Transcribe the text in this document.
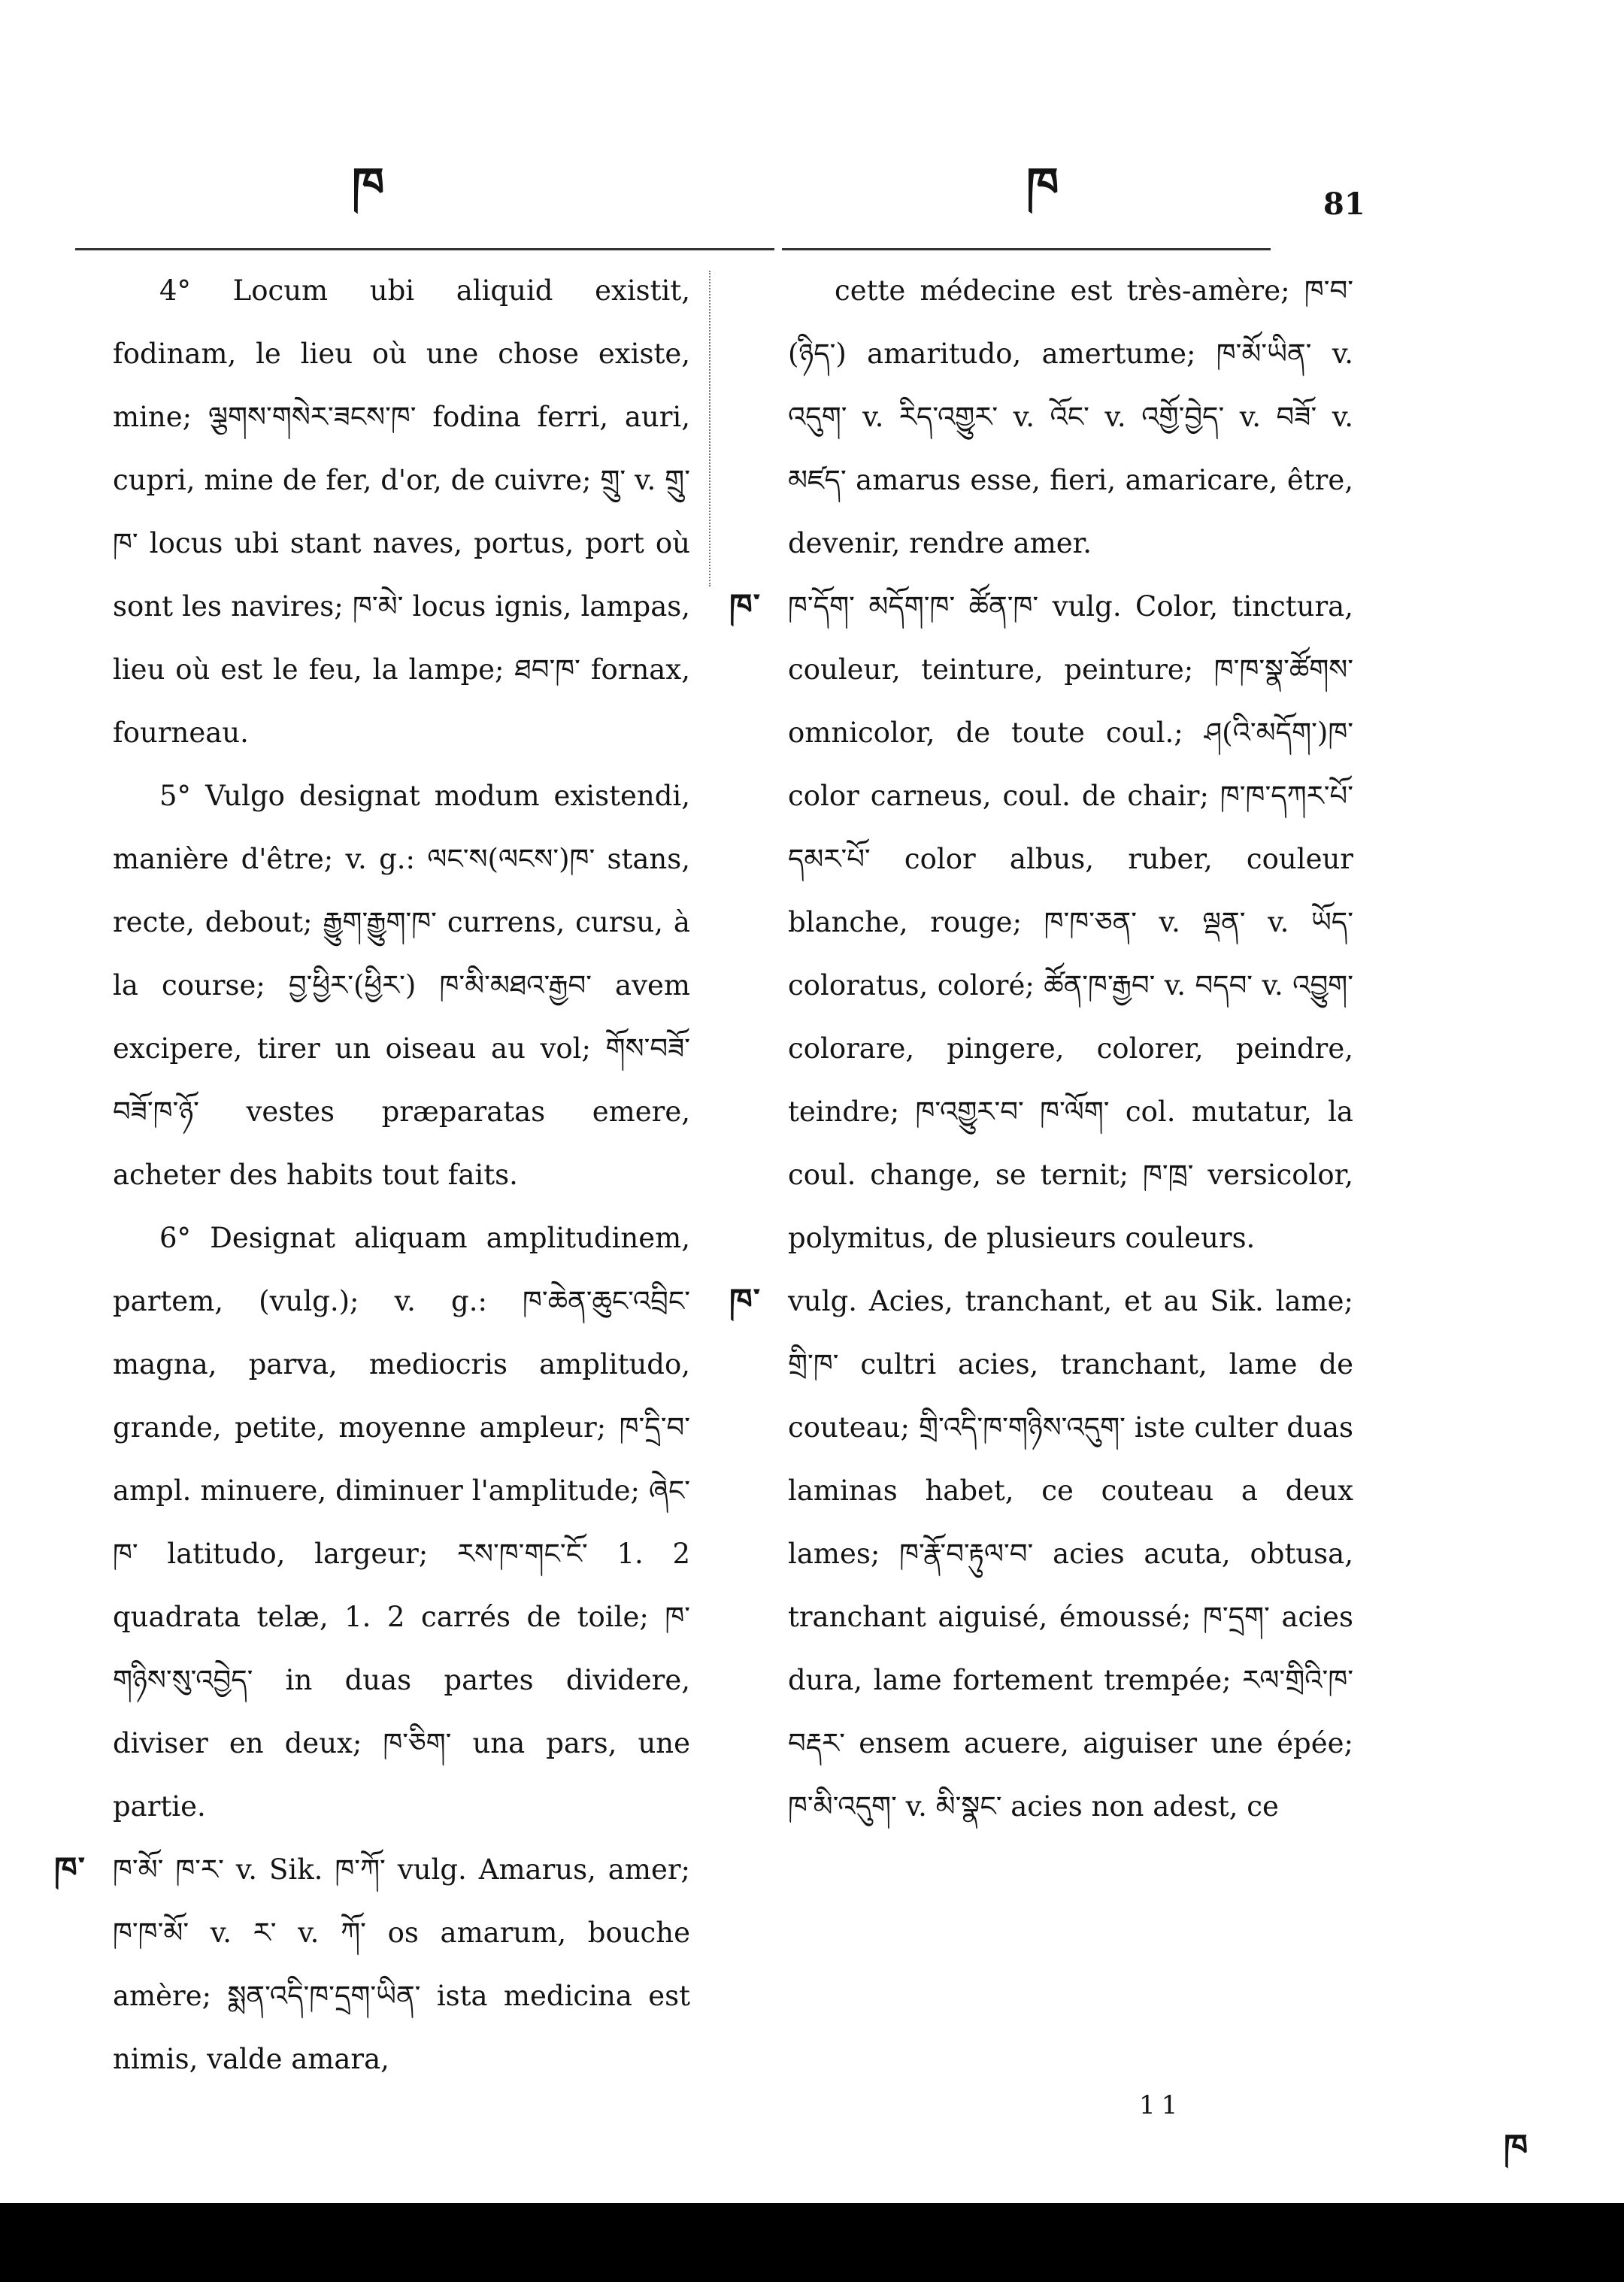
ཁ	ཁ	81
4° Locum ubi aliquid existit, fodinam, le lieu où une chose existe, mine; ལྕགས་གསེར་ཟངས་ཁ་ fodina ferri, auri, cupri, mine de fer, d'or, de cuivre; གྲུ་ v. གྲུ་ཁ་ locus ubi stant naves, portus, port où sont les navires; ཁ་མེ་ locus ignis, lampas, lieu où est le feu, la lampe; ཐབ་ཁ་ fornax, fourneau.
5° Vulgo designat modum existendi, manière d'être; v. g.: ལང་ས(ལངས་)ཁ་ stans, recte, debout; རྒྱུག་རྒྱུག་ཁ་ currens, cursu, à la course; བྱ་ཕྱིར་(ཕྱིར་) ཁ་མི་མཐའ་རྒྱབ་ avem excipere, tirer un oiseau au vol; གོས་བཟོ་བཟོ་ཁ་ཉོ་ vestes præparatas emere, acheter des habits tout faits.
6° Designat aliquam amplitudinem, partem, (vulg.); v. g.: ཁ་ཆེན་ཆུང་འབྲིང་ magna, parva, mediocris amplitudo, grande, petite, moyenne ampleur; ཁ་དྲི་བ་ ampl. minuere, diminuer l'amplitude; ཞེང་ཁ་ latitudo, largeur; རས་ཁ་གང་ངོ་ 1. 2 quadrata telæ, 1. 2 carrés de toile; ཁ་གཉིས་སུ་འབྱེད་ in duas partes dividere, diviser en deux; ཁ་ཅིག་ una pars, une partie.
ཁ་ ཁ་མོ་ ཁ་ར་ v. Sik. ཁ་ཀོ་ vulg. Amarus, amer; ཁ་ཁ་མོ་ v. ར་ v. ཀོ་ os amarum, bouche amère; སྨན་འདི་ཁ་དྲག་ཡིན་ ista medicina est nimis, valde amara,
cette médecine est très-amère; ཁ་བ་(ཉིད་) amaritudo, amertume; ཁ་མོ་ཡིན་ v. འདུག་ v. རིད་འགྱུར་ v. འོང་ v. འགྱོ་བྱེད་ v. བཟོ་ v. མཛད་ amarus esse, fieri, amaricare, être, devenir, rendre amer.
ཁ་ ཁ་དོག་ མདོག་ཁ་ ཚོན་ཁ་ vulg. Color, tinctura, couleur, teinture, peinture; ཁ་ཁ་སྣ་ཚོགས་ omnicolor, de toute coul.; ཤ(འི་མདོག་)ཁ་ color carneus, coul. de chair; ཁ་ཁ་དཀར་པོ་དམར་པོ་ color albus, ruber, couleur blanche, rouge; ཁ་ཁ་ཅན་ v. ལྡན་ v. ཡོད་ coloratus, coloré; ཚོན་ཁ་རྒྱབ་ v. བདབ་ v. འབྱུག་ colorare, pingere, colorer, peindre, teindre; ཁ་འགྱུར་བ་ ཁ་ལོག་ col. mutatur, la coul. change, se ternit; ཁ་ཁྲ་ versicolor, polymitus, de plusieurs couleurs.
ཁ་ vulg. Acies, tranchant, et au Sik. lame; གྲི་ཁ་ cultri acies, tranchant, lame de couteau; གྲི་འདི་ཁ་གཉིས་འདུག་ iste culter duas laminas habet, ce couteau a deux lames; ཁ་རྣོ་བ་རྟུལ་བ་ acies acuta, obtusa, tranchant aiguisé, émoussé; ཁ་དྲག་ acies dura, lame fortement trempée; རལ་གྲིའི་ཁ་བརྡར་ ensem acuere, aiguiser une épée; ཁ་མི་འདུག་ v. མི་སྣང་ acies non adest, ce
11
ཁ
